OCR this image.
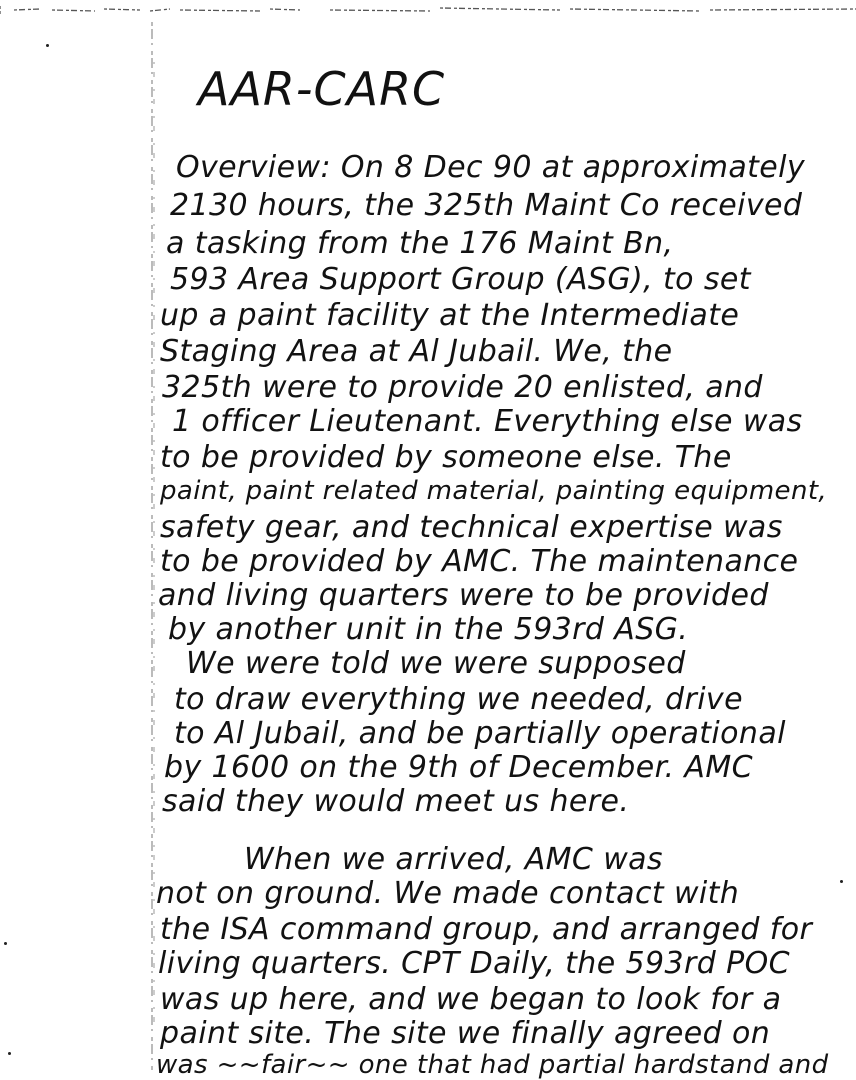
AAR-CARC
Overview: On 8 Dec 90 at approximately
2130 hours, the 325th Maint Co received
a tasking from the 176 Maint Bn,
593 Area Support Group (ASG), to set
up a paint facility at the Intermediate
Staging Area at Al Jubail. We, the
325th were to provide 20 enlisted, and
1 officer Lieutenant. Everything else was
to be provided by someone else. The
paint, paint related material, painting equipment,
safety gear, and technical expertise was
to be provided by AMC. The maintenance
and living quarters were to be provided
by another unit in the 593rd ASG.
We were told we were supposed
to draw everything we needed, drive
to Al Jubail, and be partially operational
by 1600 on the 9th of December. AMC
said they would meet us here.
When we arrived, AMC was
not on ground. We made contact with
the ISA command group, and arranged for
living quarters. CPT Daily, the 593rd POC
was up here, and we began to look for a
paint site. The site we finally agreed on
was ~~fair~~ one that had partial hardstand and
